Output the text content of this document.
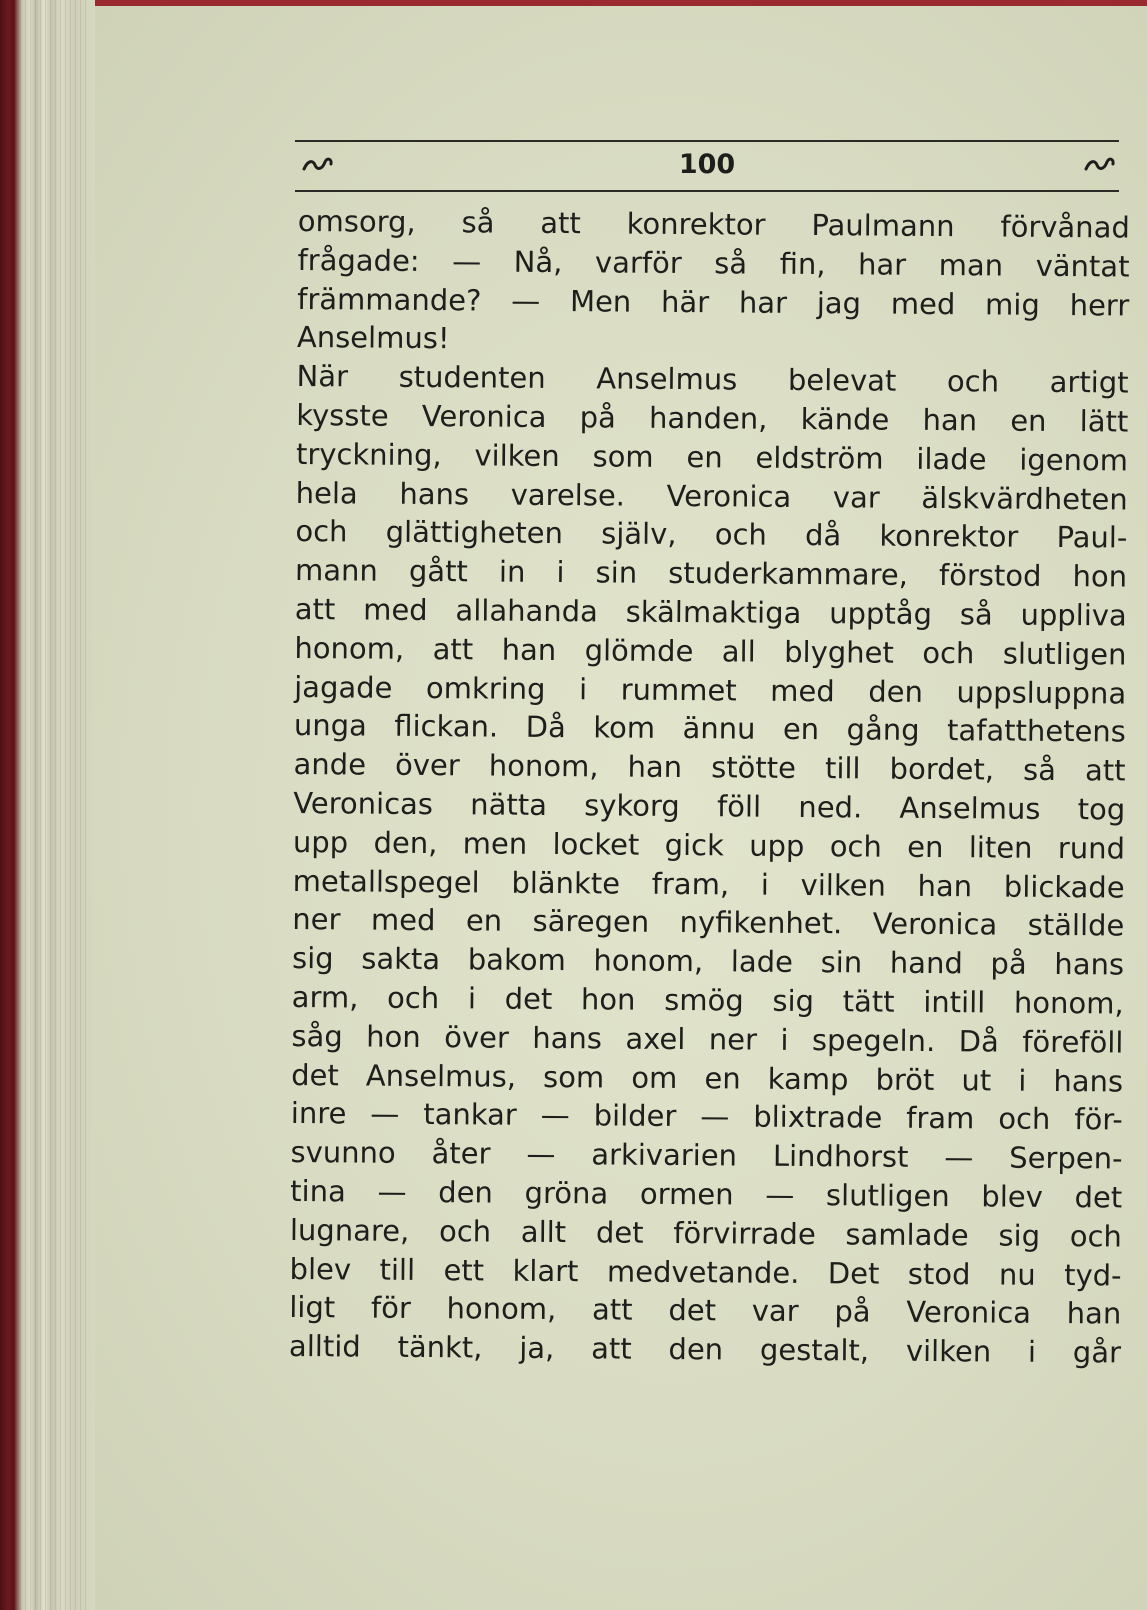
100
omsorg, så att konrektor Paulmann förvånad
frågade: — Nå, varför så fin, har man väntat
främmande? — Men här har jag med mig herr
Anselmus!
När studenten Anselmus belevat och artigt
kysste Veronica på handen, kände han en lätt
tryckning, vilken som en eldström ilade igenom
hela hans varelse. Veronica var älskvärdheten
och glättigheten själv, och då konrektor Paul-
mann gått in i sin studerkammare, förstod hon
att med allahanda skälmaktiga upptåg så uppliva
honom, att han glömde all blyghet och slutligen
jagade omkring i rummet med den uppsluppna
unga flickan. Då kom ännu en gång tafatthetens
ande över honom, han stötte till bordet, så att
Veronicas nätta sykorg föll ned. Anselmus tog
upp den, men locket gick upp och en liten rund
metallspegel blänkte fram, i vilken han blickade
ner med en säregen nyfikenhet. Veronica ställde
sig sakta bakom honom, lade sin hand på hans
arm, och i det hon smög sig tätt intill honom,
såg hon över hans axel ner i spegeln. Då föreföll
det Anselmus, som om en kamp bröt ut i hans
inre — tankar — bilder — blixtrade fram och för-
svunno åter — arkivarien Lindhorst — Serpen-
tina — den gröna ormen — slutligen blev det
lugnare, och allt det förvirrade samlade sig och
blev till ett klart medvetande. Det stod nu tyd-
ligt för honom, att det var på Veronica han
alltid tänkt, ja, att den gestalt, vilken i går
